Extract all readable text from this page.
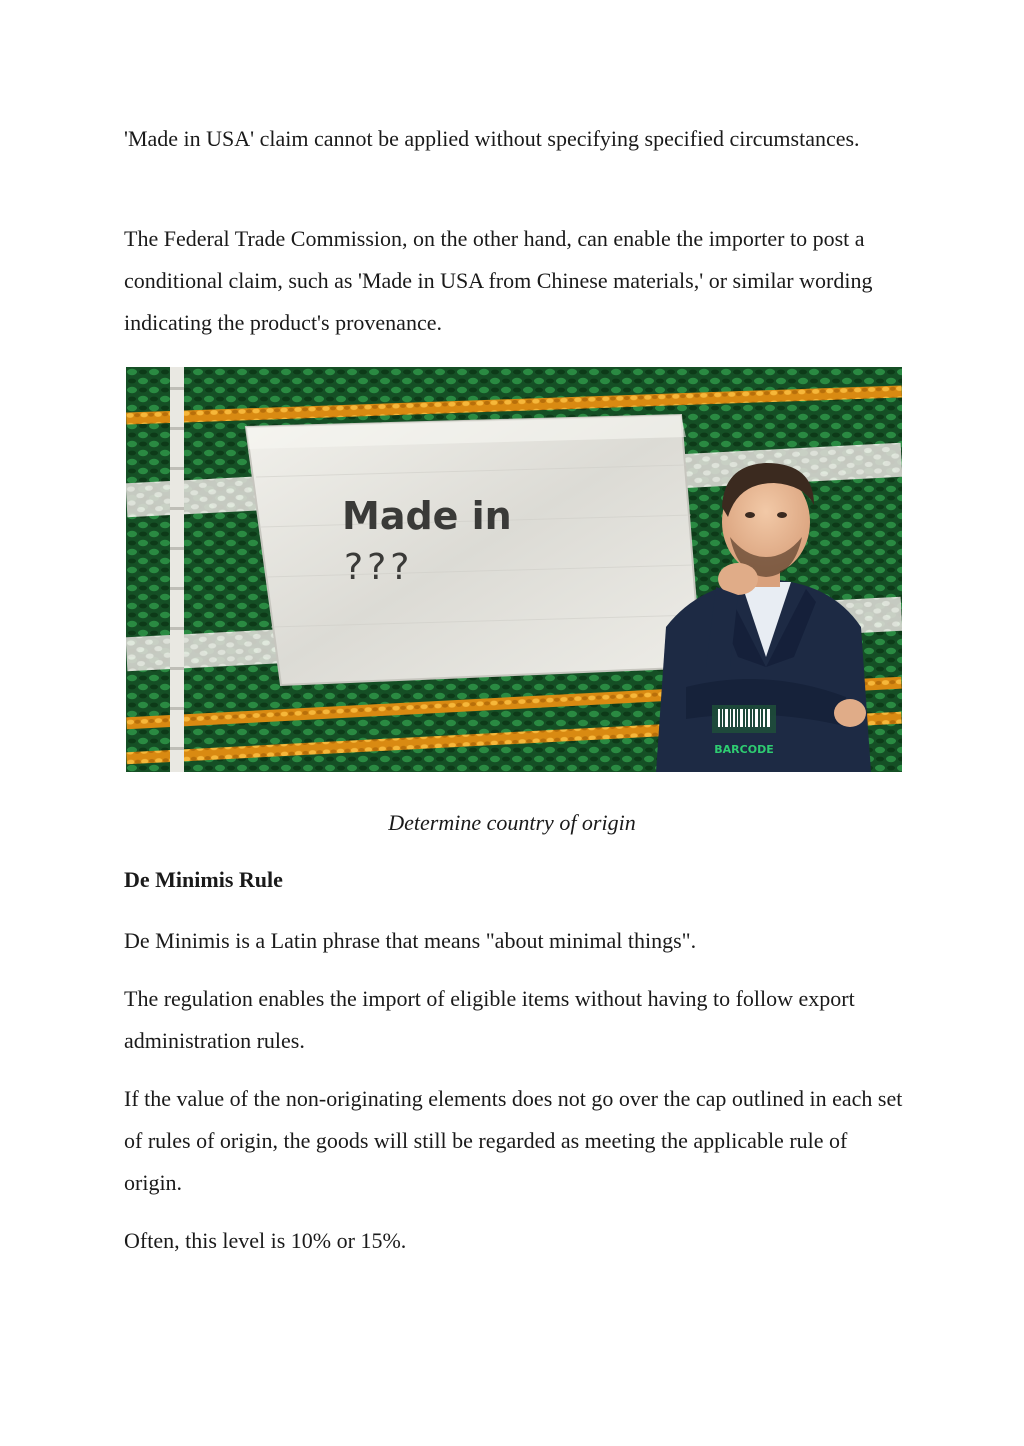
'Made in USA' claim cannot be applied without specifying specified circumstances.

The Federal Trade Commission, on the other hand, can enable the importer to post a conditional claim, such as 'Made in USA from Chinese materials,' or similar wording indicating the product's provenance.

Made in
???
BARCODE
Determine country of origin

De Minimis Rule

De Minimis is a Latin phrase that means "about minimal things".

The regulation enables the import of eligible items without having to follow export administration rules.

If the value of the non-originating elements does not go over the cap outlined in each set of rules of origin, the goods will still be regarded as meeting the applicable rule of origin.

Often, this level is 10% or 15%.
